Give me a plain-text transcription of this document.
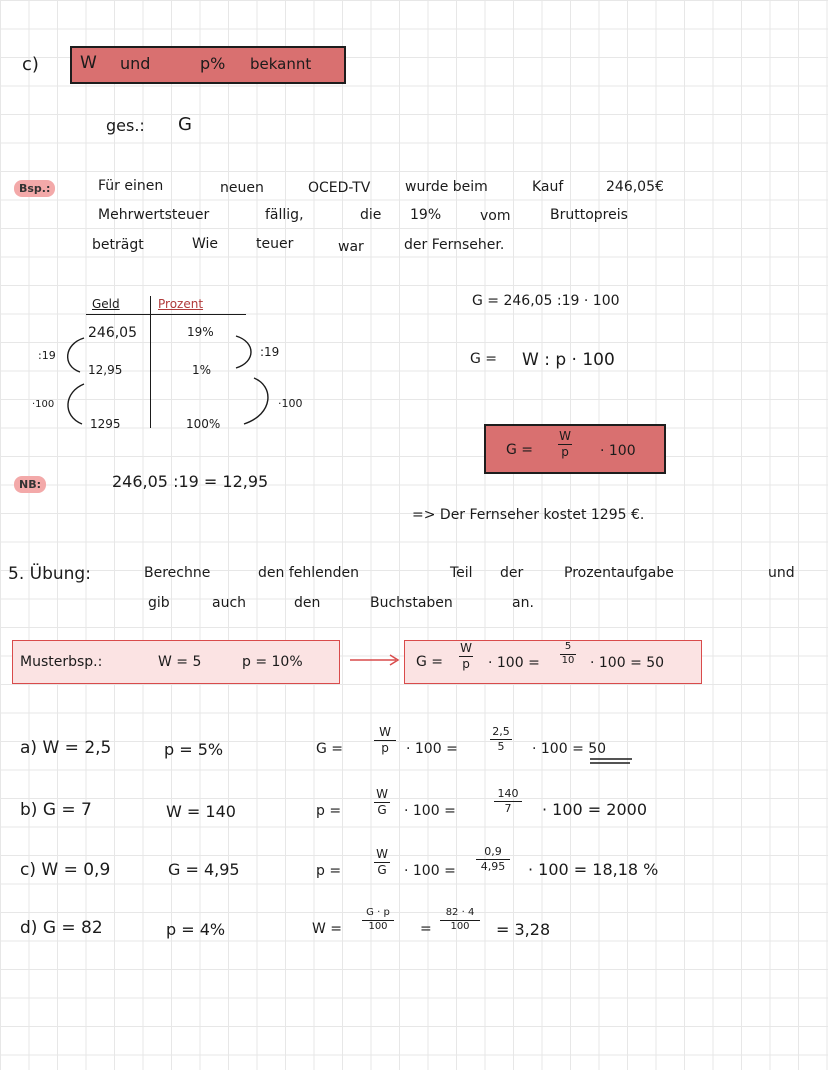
c) W und	p% bekannt
ges.: G
Bsp.:	Für einen	neuen	OCED-TV wurde beim	Kauf	246,05€
Mehrwertsteuer	fällig,	die 19%	vom	Bruttopreis
beträgt	Wie	teuer	war	der Fernseher.
Geld	Prozent
246,05	19%
12,95	1%
1295	100%
:19
·100
:19
·100
G = 246,05 :19 · 100
G = W : p · 100
G =
W
p · 100
NB:	246,05 :19 = 12,95
=> Der Fernseher kostet 1295 €.
5. Übung:	Berechne	den fehlenden	Teil der	Prozentaufgabe	und
gib	auch	den	Buchstaben	an.
Musterbsp.:	W = 5	p = 10%	G =
W
p · 100 =
5
10 · 100 = 50
a) W = 2,5	p = 5%	G =
W
p · 100 =
2,5
5 · 100 = 50
b) G = 7	W = 140	p =
W
G · 100 =
140
7 · 100 = 2000
c) W = 0,9	G = 4,95	p =
W
G · 100 =
0,9
4,95 · 100 = 18,18 %
d) G = 82	p = 4%	W =
G · p
100 =
82 · 4
100 = 3,28
